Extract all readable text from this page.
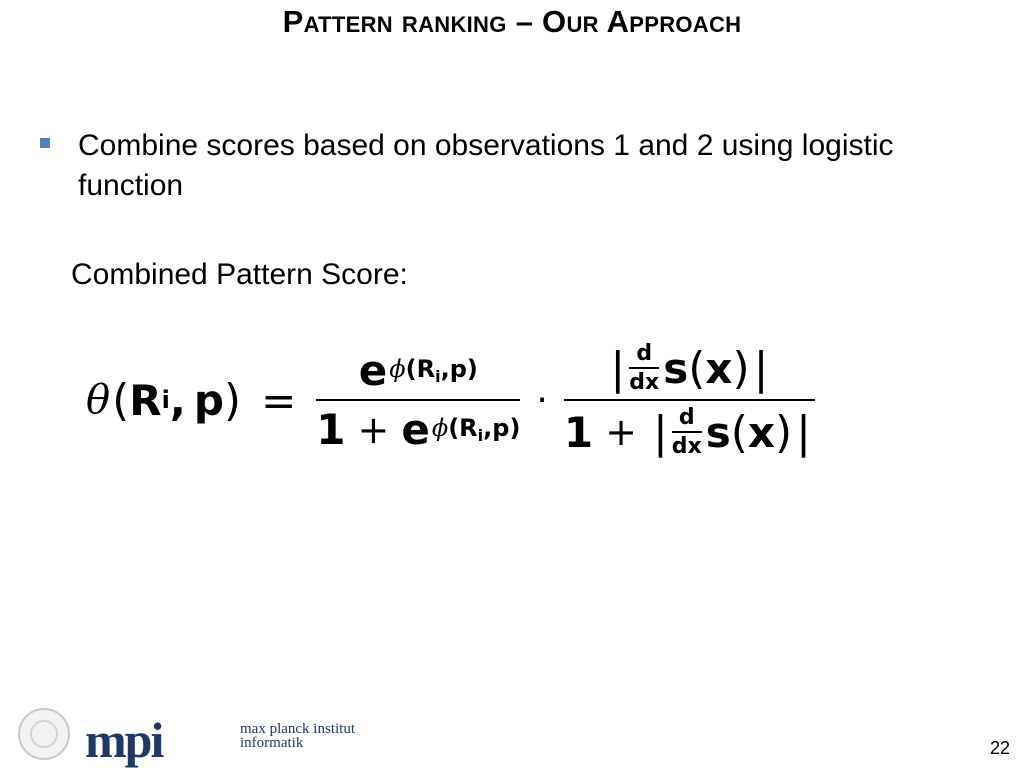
Pattern ranking – Our Approach
Combine scores based on observations 1 and 2 using logistic function
Combined Pattern Score:
θ ( R i , p ) = $\frac{e \phi(R_i,p)}{1 + e \phi(R_i,p)}$ ·
| d
dx s ( x ) |
1 + | d
dx s ( x ) |
mpi	max planck institut
informatik	22
